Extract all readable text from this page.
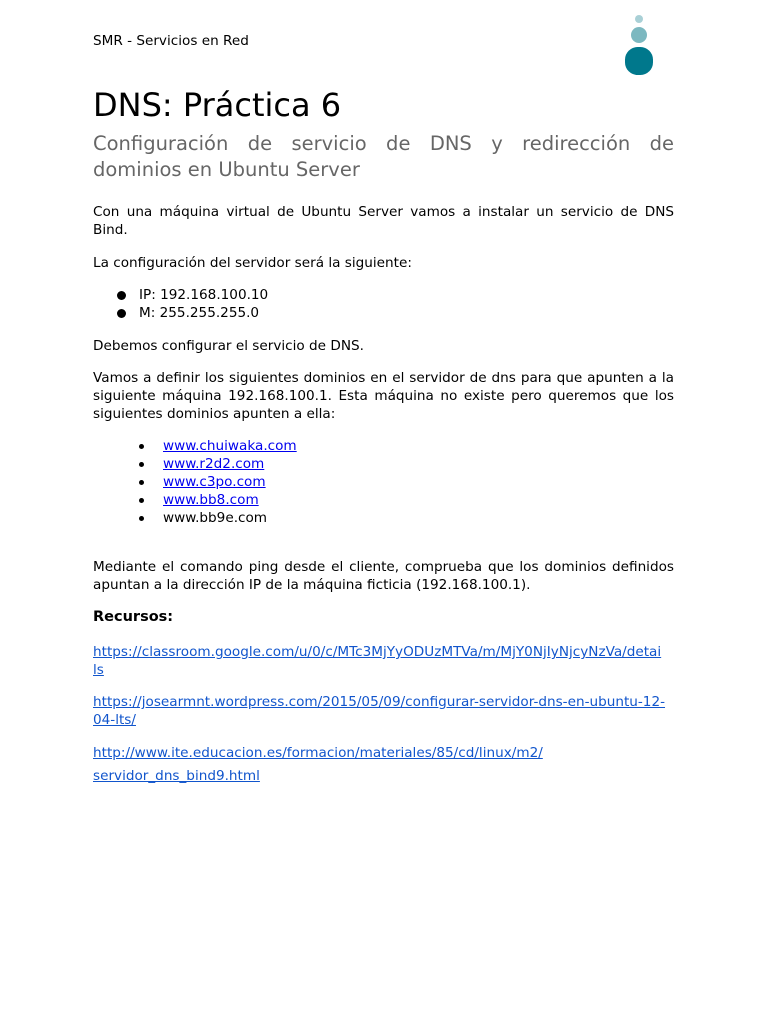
SMR - Servicios en Red
DNS: Práctica 6
Configuración de servicio de DNS y redirección de dominios en Ubuntu Server

Con una máquina virtual de Ubuntu Server vamos a instalar un servicio de DNS Bind.

La configuración del servidor será la siguiente:

IP: 192.168.100.10
M: 255.255.255.0

Debemos configurar el servicio de DNS.

Vamos a definir los siguientes dominios en el servidor de dns para que apunten a la siguiente máquina 192.168.100.1. Esta máquina no existe pero queremos que los siguientes dominios apunten a ella:

www.chuiwaka.com
www.r2d2.com
www.c3po.com
www.bb8.com
www.bb9e.com

Mediante el comando ping desde el cliente, comprueba que los dominios definidos apuntan a la dirección IP de la máquina ficticia (192.168.100.1).

Recursos:
https://classroom.google.com/u/0/c/MTc3MjYyODUzMTVa/m/MjY0NjIyNjcyNzVa/details
https://josearmnt.wordpress.com/2015/05/09/configurar-servidor-dns-en-ubuntu-12-04-lts/
http://www.ite.educacion.es/formacion/materiales/85/cd/linux/m2/
servidor_dns_bind9.html
